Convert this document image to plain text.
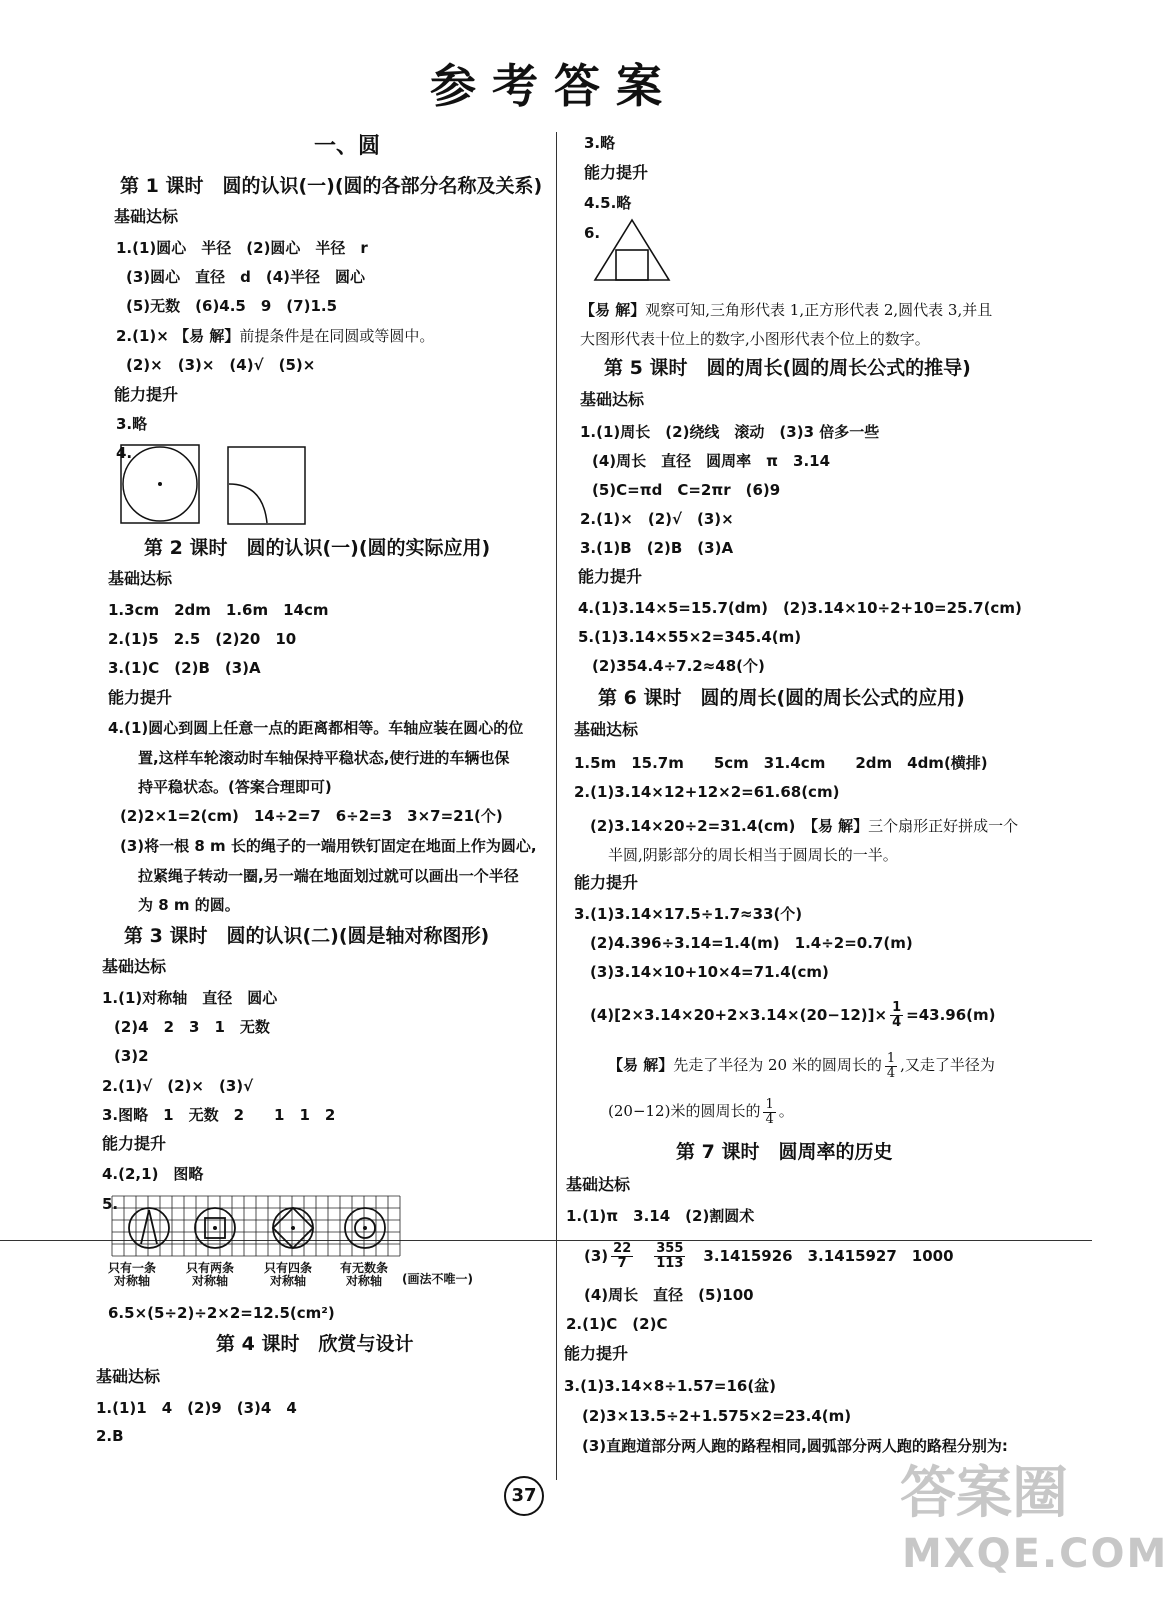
参 考 答 案
一、圆
第 1 课时　圆的认识(一)(圆的各部分名称及关系)
基础达标
1.(1)圆心　半径　(2)圆心　半径　r
(3)圆心　直径　d　(4)半径　圆心
(5)无数　(6)4.5　9　(7)1.5
2.(1)× 【易 解】前提条件是在同圆或等圆中。
(2)×　(3)×　(4)√　(5)×
能力提升
3.略
4.
第 2 课时　圆的认识(一)(圆的实际应用)
基础达标
1.3cm　2dm　1.6m　14cm
2.(1)5　2.5　(2)20　10
3.(1)C　(2)B　(3)A
能力提升
4.(1)圆心到圆上任意一点的距离都相等。车轴应装在圆心的位
置,这样车轮滚动时车轴保持平稳状态,使行进的车辆也保
持平稳状态。(答案合理即可)
(2)2×1=2(cm)　14÷2=7　6÷2=3　3×7=21(个)
(3)将一根 8 m 长的绳子的一端用铁钉固定在地面上作为圆心,
拉紧绳子转动一圈,另一端在地面划过就可以画出一个半径
为 8 m 的圆。
第 3 课时　圆的认识(二)(圆是轴对称图形)
基础达标
1.(1)对称轴　直径　圆心
(2)4　2　3　1　无数
(3)2
2.(1)√　(2)×　(3)√
3.图略　1　无数　2　　1　1　2
能力提升
4.(2,1)　图略
5.
只有一条
对称轴
只有两条
对称轴
只有四条
对称轴
有无数条
对称轴	(画法不唯一)
6.5×(5÷2)÷2×2=12.5(cm²)
第 4 课时　欣赏与设计
基础达标
1.(1)1　4　(2)9　(3)4　4
2.B
3.略
能力提升
4.5.略
6.
【易 解】观察可知,三角形代表 1,正方形代表 2,圆代表 3,并且
大图形代表十位上的数字,小图形代表个位上的数字。
第 5 课时　圆的周长(圆的周长公式的推导)
基础达标
1.(1)周长　(2)绕线　滚动　(3)3 倍多一些
(4)周长　直径　圆周率　π　3.14
(5)C=πd　C=2πr　(6)9
2.(1)×　(2)√　(3)×
3.(1)B　(2)B　(3)A
能力提升
4.(1)3.14×5=15.7(dm)　(2)3.14×10÷2+10=25.7(cm)
5.(1)3.14×55×2=345.4(m)
(2)354.4÷7.2≈48(个)
第 6 课时　圆的周长(圆的周长公式的应用)
基础达标
1.5m　15.7m　　5cm　31.4cm　　2dm　4dm(横排)
2.(1)3.14×12+12×2=61.68(cm)
(2)3.14×20÷2=31.4(cm)　 【易 解】三个扇形正好拼成一个
半圆,阴影部分的周长相当于圆周长的一半。
能力提升
3.(1)3.14×17.5÷1.7≈33(个)
(2)4.396÷3.14=1.4(m)　1.4÷2=0.7(m)
(3)3.14×10+10×4=71.4(cm)
$(4)[2\times 3.14\times 20+2\times 3.14\times(20-12)]\times \frac{1}{4} =43.96(m)$
【易 解】先走了半径为 20 米的圆周长的 $\frac{1}{4}$ ,又走了半径为
(20−12)米的圆周长的 $\frac{1}{4}$ 。
第 7 课时　圆周率的历史
基础达标
1.(1)π　3.14　(2)割圆术
$(3) \frac{22}{7}$
　 $\frac{355}{113}$
　 3.1415926　3.1415927　1000
(4)周长　直径　(5)100
2.(1)C　(2)C
能力提升
3.(1)3.14×8÷1.57=16(盆)
(2)3×13.5÷2+1.575×2=23.4(m)
(3)直跑道部分两人跑的路程相同,圆弧部分两人跑的路程分别为:
37	答案圈
MXQE.COM
